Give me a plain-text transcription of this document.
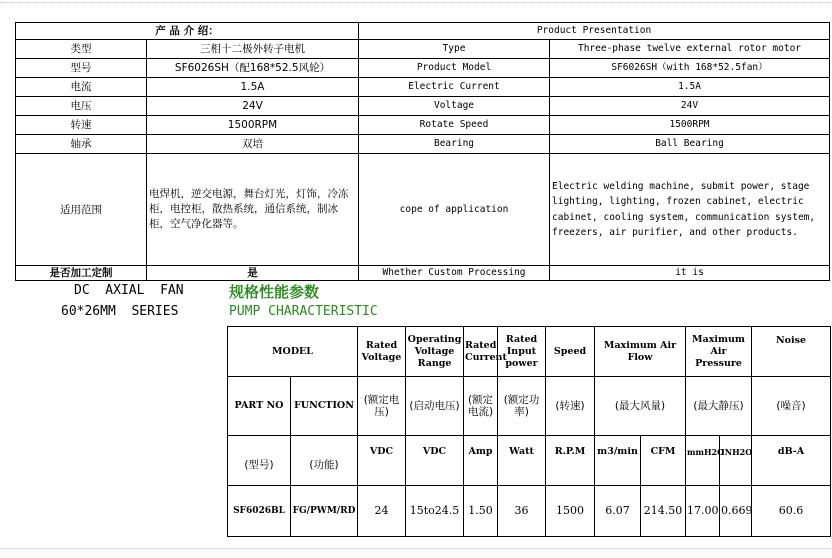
产 品 介 绍：		Product Presentation	
类型	三相十二极外转子电机	Type	Three-phase twelve external rotor motor
型号	SF6026SH（配168*52.5风轮）	Product Model	SF6026SH（with 168*52.5fan）
电流	1.5A	Electric Current	1.5A
电压	24V	Voltage	24V
转速	1500RPM	Rotate Speed	1500RPM
轴承	双培	Bearing	Ball Bearing
适用范围	电焊机，逆交电源，舞台灯光，灯饰，冷冻柜，电控柜，散热系统，通信系统，制冰柜，空气净化器等。	cope of application	Electric welding machine, submit power, stage lighting, lighting, frozen cabinet, electric cabinet, cooling system, communication system, freezers, air purifier, and other products.
是否加工定制	是	Whether Custom Processing	it is
DC  AXIAL  FAN
60*26MM  SERIES
规格性能参数
PUMP CHARACTERISTIC
MODEL		Rated Voltage	Operating Voltage Range	Rated Current	Rated Input power	Speed	Maximum Air Flow		Maximum Air Pressure		Noise
PART NO	FUNCTION	(额定电压)	(启动电压)	(额定电流)	(额定功率)	(转速)	(最大风量)		(最大静压)		(噪音)
(型号)	(功能)	VDC	VDC	Amp	Watt	R.P.M	m3/min	CFM	mmH2O	INH2O	dB-A
SF6026BL	FG/PWM/RD	24	15to24.5	1.50	36	1500	6.07	214.50	17.00	0.669	60.6
